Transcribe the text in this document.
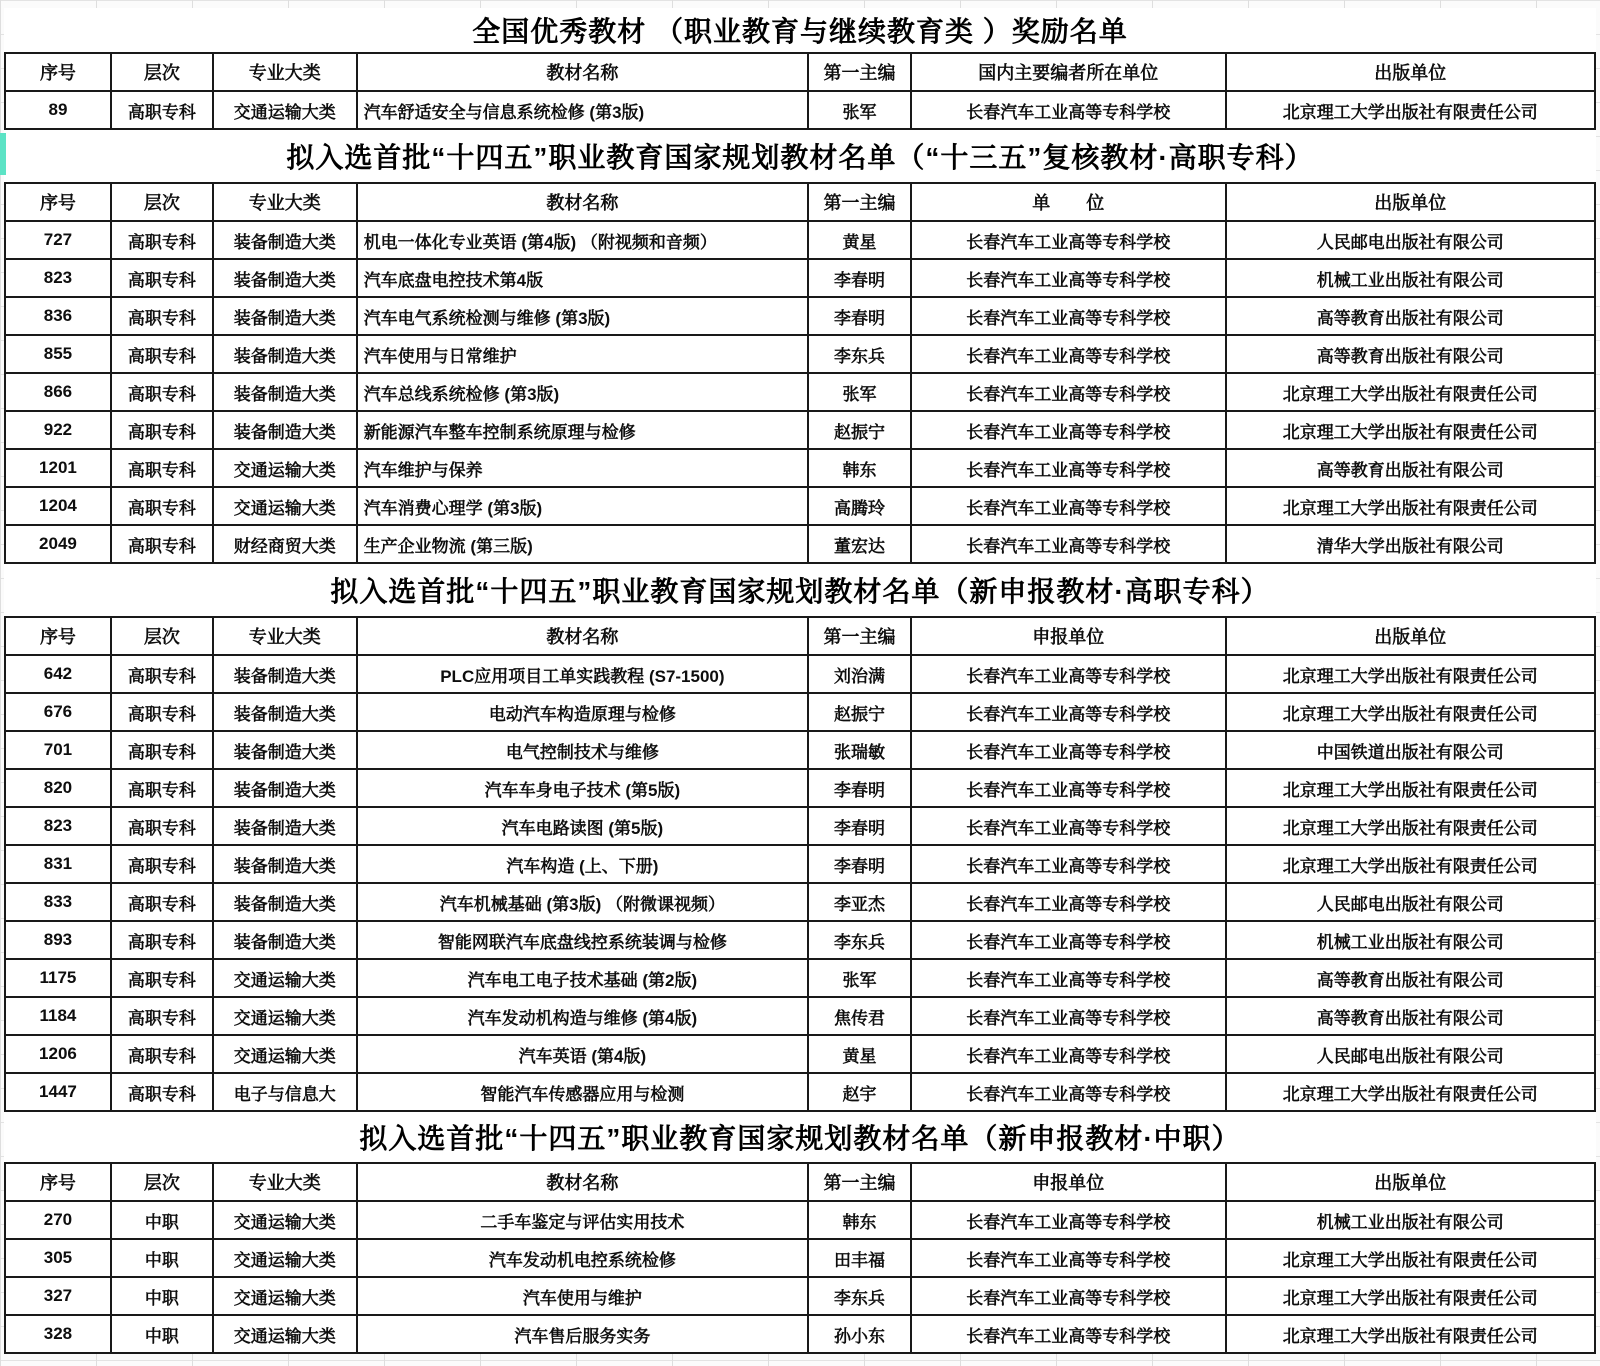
全国优秀教材 （职业教育与继续教育类 ）奖励名单
序号	层次	专业大类	教材名称	第一主编	国内主要编者所在单位	出版单位
89	高职专科	交通运输大类	汽车舒适安全与信息系统检修 (第3版)	张军	长春汽车工业高等专科学校	北京理工大学出版社有限责任公司
拟入选首批“十四五”职业教育国家规划教材名单（“十三五”复核教材·高职专科）
序号	层次	专业大类	教材名称	第一主编	单　　位	出版单位
727	高职专科	装备制造大类	机电一体化专业英语 (第4版) （附视频和音频）	黄星	长春汽车工业高等专科学校	人民邮电出版社有限公司
823	高职专科	装备制造大类	汽车底盘电控技术第4版	李春明	长春汽车工业高等专科学校	机械工业出版社有限公司
836	高职专科	装备制造大类	汽车电气系统检测与维修 (第3版)	李春明	长春汽车工业高等专科学校	高等教育出版社有限公司
855	高职专科	装备制造大类	汽车使用与日常维护	李东兵	长春汽车工业高等专科学校	高等教育出版社有限公司
866	高职专科	装备制造大类	汽车总线系统检修 (第3版)	张军	长春汽车工业高等专科学校	北京理工大学出版社有限责任公司
922	高职专科	装备制造大类	新能源汽车整车控制系统原理与检修	赵振宁	长春汽车工业高等专科学校	北京理工大学出版社有限责任公司
1201	高职专科	交通运输大类	汽车维护与保养	韩东	长春汽车工业高等专科学校	高等教育出版社有限公司
1204	高职专科	交通运输大类	汽车消费心理学 (第3版)	高腾玲	长春汽车工业高等专科学校	北京理工大学出版社有限责任公司
2049	高职专科	财经商贸大类	生产企业物流 (第三版)	董宏达	长春汽车工业高等专科学校	清华大学出版社有限公司
拟入选首批“十四五”职业教育国家规划教材名单（新申报教材·高职专科）
序号	层次	专业大类	教材名称	第一主编	申报单位	出版单位
642	高职专科	装备制造大类	PLC应用项目工单实践教程 (S7-1500)	刘治满	长春汽车工业高等专科学校	北京理工大学出版社有限责任公司
676	高职专科	装备制造大类	电动汽车构造原理与检修	赵振宁	长春汽车工业高等专科学校	北京理工大学出版社有限责任公司
701	高职专科	装备制造大类	电气控制技术与维修	张瑞敏	长春汽车工业高等专科学校	中国铁道出版社有限公司
820	高职专科	装备制造大类	汽车车身电子技术 (第5版)	李春明	长春汽车工业高等专科学校	北京理工大学出版社有限责任公司
823	高职专科	装备制造大类	汽车电路读图 (第5版)	李春明	长春汽车工业高等专科学校	北京理工大学出版社有限责任公司
831	高职专科	装备制造大类	汽车构造 (上、下册)	李春明	长春汽车工业高等专科学校	北京理工大学出版社有限责任公司
833	高职专科	装备制造大类	汽车机械基础 (第3版) （附微课视频）	李亚杰	长春汽车工业高等专科学校	人民邮电出版社有限公司
893	高职专科	装备制造大类	智能网联汽车底盘线控系统装调与检修	李东兵	长春汽车工业高等专科学校	机械工业出版社有限公司
1175	高职专科	交通运输大类	汽车电工电子技术基础 (第2版)	张军	长春汽车工业高等专科学校	高等教育出版社有限公司
1184	高职专科	交通运输大类	汽车发动机构造与维修 (第4版)	焦传君	长春汽车工业高等专科学校	高等教育出版社有限公司
1206	高职专科	交通运输大类	汽车英语 (第4版)	黄星	长春汽车工业高等专科学校	人民邮电出版社有限公司
1447	高职专科	电子与信息大	智能汽车传感器应用与检测	赵宇	长春汽车工业高等专科学校	北京理工大学出版社有限责任公司
拟入选首批“十四五”职业教育国家规划教材名单（新申报教材·中职）
序号	层次	专业大类	教材名称	第一主编	申报单位	出版单位
270	中职	交通运输大类	二手车鉴定与评估实用技术	韩东	长春汽车工业高等专科学校	机械工业出版社有限公司
305	中职	交通运输大类	汽车发动机电控系统检修	田丰福	长春汽车工业高等专科学校	北京理工大学出版社有限责任公司
327	中职	交通运输大类	汽车使用与维护	李东兵	长春汽车工业高等专科学校	北京理工大学出版社有限责任公司
328	中职	交通运输大类	汽车售后服务实务	孙小东	长春汽车工业高等专科学校	北京理工大学出版社有限责任公司
